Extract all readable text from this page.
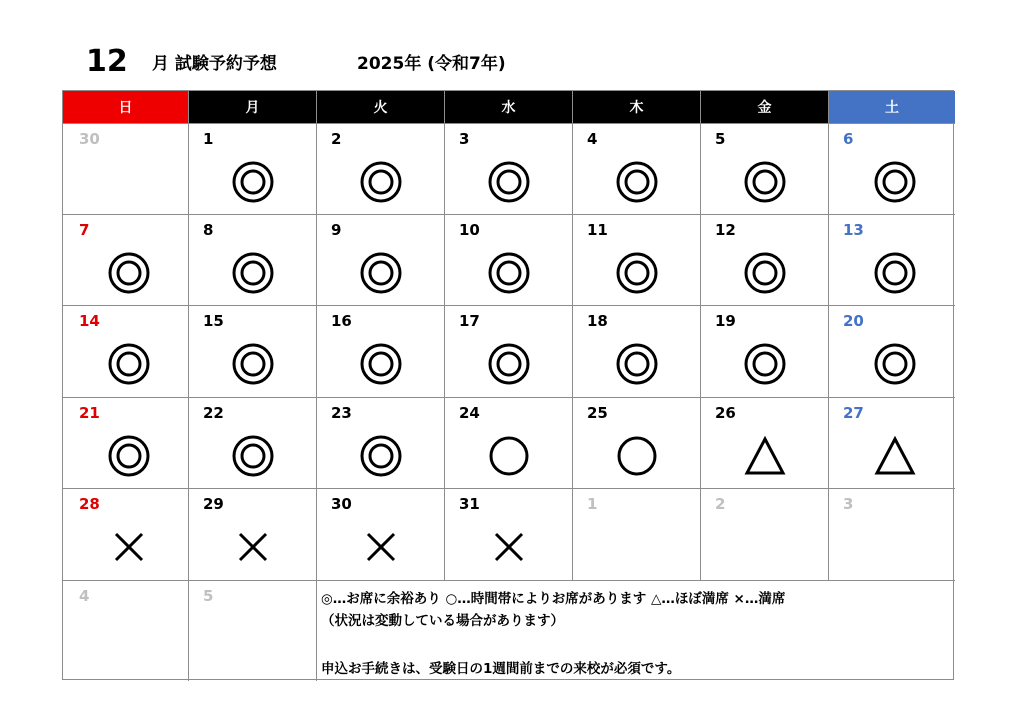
12 月 試験予約予想	2025年 (令和7年)
日	月	火	水	木	金	土
30	1	2	3	4	5	6
7	8	9	10	11	12	13
14	15	16	17	18	19	20
21	22	23	24	25	26	27
28	29	30	31	1	2	3
4	5	◎…お席に余裕あり ○…時間帯によりお席があります △…ほぼ満席 ×…満席
（状況は変動している場合があります）
申込お手続きは、受験日の1週間前までの来校が必須です。
